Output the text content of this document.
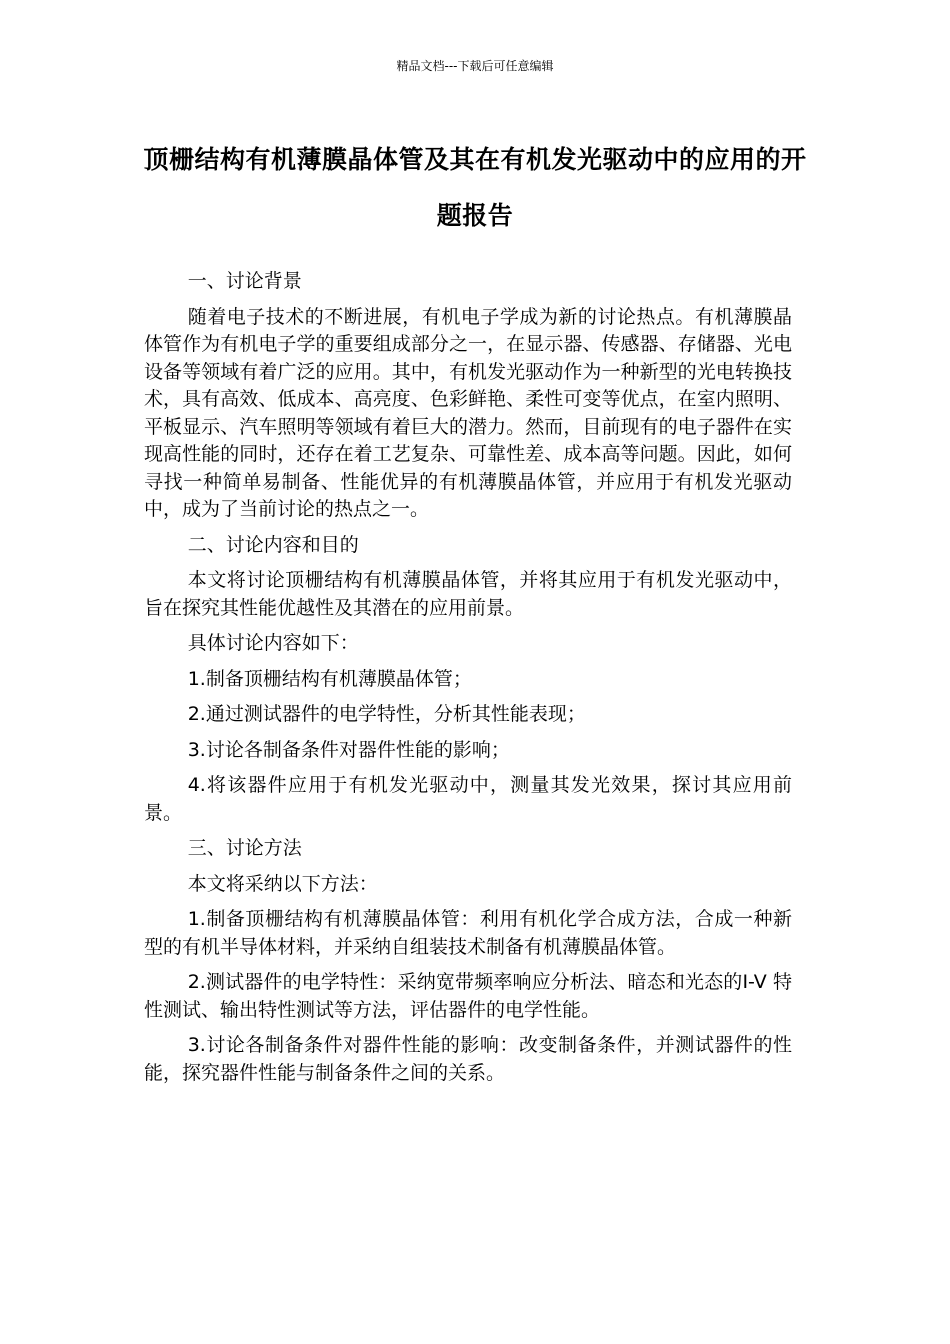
精品文档---下载后可任意编辑
顶栅结构有机薄膜晶体管及其在有机发光驱动中的应用的开题报告

一、讨论背景

随着电子技术的不断进展，有机电子学成为新的讨论热点。有机薄膜晶体管作为有机电子学的重要组成部分之一，在显示器、传感器、存储器、光电设备等领域有着广泛的应用。其中，有机发光驱动作为一种新型的光电转换技术，具有高效、低成本、高亮度、色彩鲜艳、柔性可变等优点，在室内照明、平板显示、汽车照明等领域有着巨大的潜力。然而，目前现有的电子器件在实现高性能的同时，还存在着工艺复杂、可靠性差、成本高等问题。因此，如何寻找一种简单易制备、性能优异的有机薄膜晶体管，并应用于有机发光驱动中，成为了当前讨论的热点之一。

二、讨论内容和目的

本文将讨论顶栅结构有机薄膜晶体管，并将其应用于有机发光驱动中，旨在探究其性能优越性及其潜在的应用前景。

具体讨论内容如下：

1.制备顶栅结构有机薄膜晶体管；

2.通过测试器件的电学特性，分析其性能表现；

3.讨论各制备条件对器件性能的影响；

4.将该器件应用于有机发光驱动中，测量其发光效果，探讨其应用前景。

三、讨论方法

本文将采纳以下方法：

1.制备顶栅结构有机薄膜晶体管：利用有机化学合成方法，合成一种新型的有机半导体材料，并采纳自组装技术制备有机薄膜晶体管。

2.测试器件的电学特性：采纳宽带频率响应分析法、暗态和光态的I-V 特性测试、输出特性测试等方法，评估器件的电学性能。

3.讨论各制备条件对器件性能的影响：改变制备条件，并测试器件的性能，探究器件性能与制备条件之间的关系。
